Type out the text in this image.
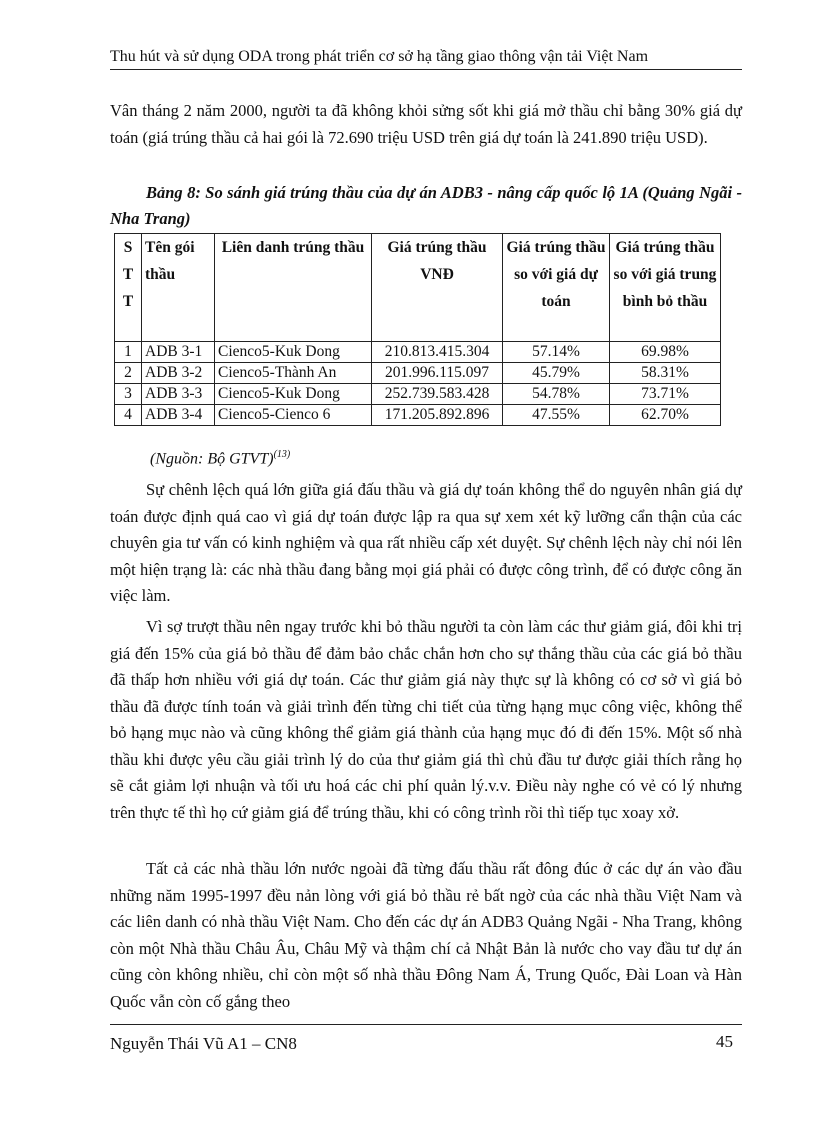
Thu hút và sử dụng ODA trong phát triển cơ sở hạ tầng giao thông vận tải Việt Nam

Vân tháng 2 năm 2000, người ta đã không khỏi sửng sốt khi giá mở thầu chỉ bằng 30% giá dự toán (giá trúng thầu cả hai gói là 72.690 triệu USD trên giá dự toán là 241.890 triệu USD).

Bảng 8: So sánh giá trúng thầu của dự án ADB3 - nâng cấp quốc lộ 1A (Quảng Ngãi - Nha Trang)

S T T	Tên gói thầu	Liên danh trúng thầu	Giá trúng thầu VNĐ	Giá trúng thầu so với giá dự toán	Giá trúng thầu so với giá trung bình bỏ thầu
1	ADB 3-1	Cienco5-Kuk Dong	210.813.415.304	57.14%	69.98%
2	ADB 3-2	Cienco5-Thành An	201.996.115.097	45.79%	58.31%
3	ADB 3-3	Cienco5-Kuk Dong	252.739.583.428	54.78%	73.71%
4	ADB 3-4	Cienco5-Cienco 6	171.205.892.896	47.55%	62.70%
(Nguồn: Bộ GTVT)$^{(13)}$

Sự chênh lệch quá lớn giữa giá đấu thầu và giá dự toán không thể do nguyên nhân giá dự toán được định quá cao vì giá dự toán được lập ra qua sự xem xét kỹ lưỡng cẩn thận của các chuyên gia tư vấn có kinh nghiệm và qua rất nhiều cấp xét duyệt. Sự chênh lệch này chỉ nói lên một hiện trạng là: các nhà thầu đang bằng mọi giá phải có được công trình, để có được công ăn việc làm.

Vì sợ trượt thầu nên ngay trước khi bỏ thầu người ta còn làm các thư giảm giá, đôi khi trị giá đến 15% của giá bỏ thầu để đảm bảo chắc chắn hơn cho sự thắng thầu của các giá bỏ thầu đã thấp hơn nhiều với giá dự toán. Các thư giảm giá này thực sự là không có cơ sở vì giá bỏ thầu đã được tính toán và giải trình đến từng chi tiết của từng hạng mục công việc, không thể bỏ hạng mục nào và cũng không thể giảm giá thành của hạng mục đó đi đến 15%. Một số nhà thầu khi được yêu cầu giải trình lý do của thư giảm giá thì chủ đầu tư được giải thích rằng họ sẽ cắt giảm lợi nhuận và tối ưu hoá các chi phí quản lý.v.v. Điều này nghe có vẻ có lý nhưng trên thực tế thì họ cứ giảm giá để trúng thầu, khi có công trình rồi thì tiếp tục xoay xở.

Tất cả các nhà thầu lớn nước ngoài đã từng đấu thầu rất đông đúc ở các dự án vào đầu những năm 1995-1997 đều nản lòng với giá bỏ thầu rẻ bất ngờ của các nhà thầu Việt Nam và các liên danh có nhà thầu Việt Nam. Cho đến các dự án ADB3 Quảng Ngãi - Nha Trang, không còn một Nhà thầu Châu Âu, Châu Mỹ và thậm chí cả Nhật Bản là nước cho vay đầu tư dự án cũng còn không nhiều, chỉ còn một số nhà thầu Đông Nam Á, Trung Quốc, Đài Loan và Hàn Quốc vẫn còn cố gắng theo

Nguyễn Thái Vũ A1 – CN8	45
